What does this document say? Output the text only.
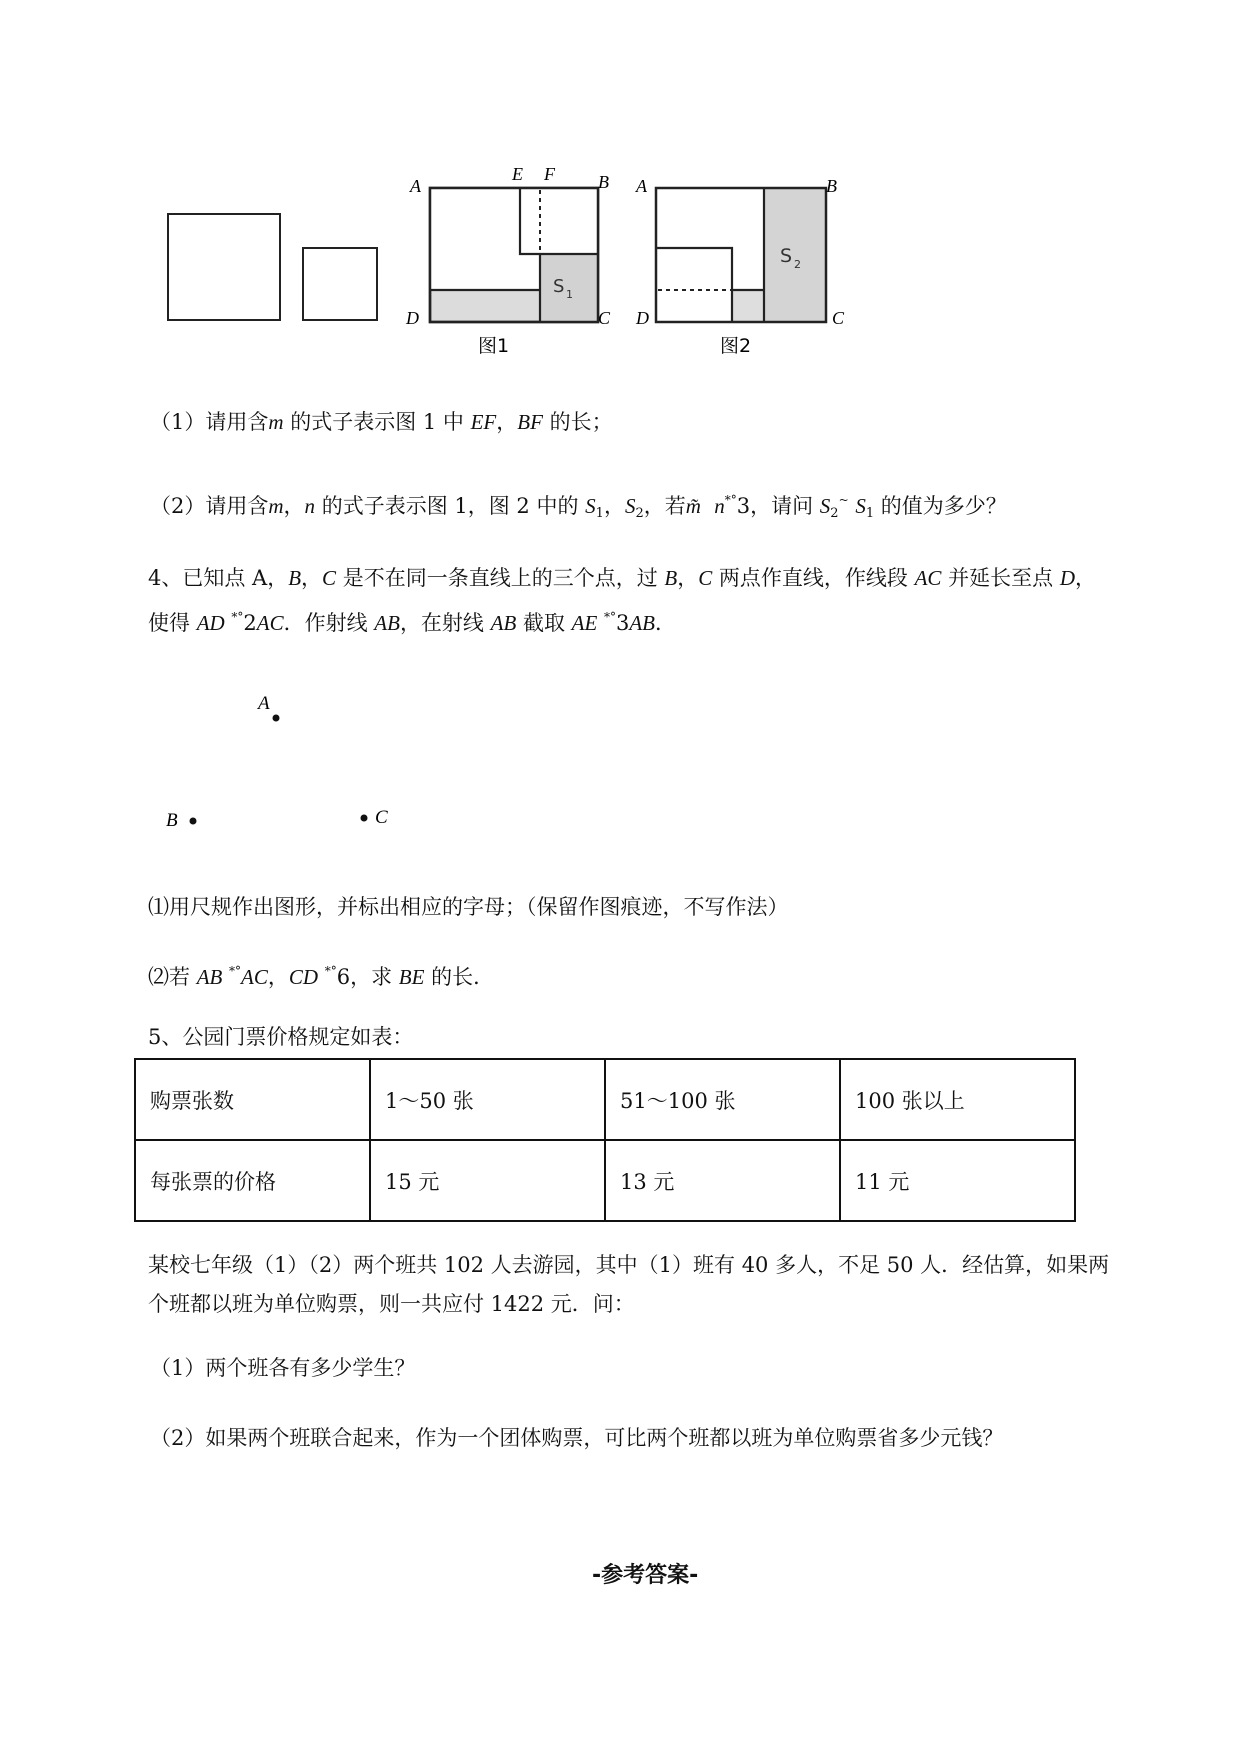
A
E F B
D	C
S 1
图1
A	B
D	C
S 2
图2
（1）请用含m 的式子表示图 1 中 EF，BF 的长；
（2）请用含m，n 的式子表示图 1，图 2 中的 $S_1$，$S_2$，若m̃ n*°3，请问 $S_2^\sim$ $S_1$ 的值为多少？
4、已知点 A，B，C 是不在同一条直线上的三个点，过 B，C 两点作直线，作线段 AC 并延长至点 D，
使得 AD *°2AC．作射线 AB，在射线 AB 截取 AE *°3AB．
A
B	C
⑴用尺规作出图形，并标出相应的字母；（保留作图痕迹，不写作法）
⑵若 AB *°AC，CD *°6，求 BE 的长．
5、公园门票价格规定如表：
购票张数	1～50 张	51～100 张	100 张以上
每张票的价格	15 元	13 元	11 元
某校七年级（1）（2）两个班共 102 人去游园，其中（1）班有 40 多人，不足 50 人．经估算，如果两
个班都以班为单位购票，则一共应付 1422 元．问：
（1）两个班各有多少学生？
（2）如果两个班联合起来，作为一个团体购票，可比两个班都以班为单位购票省多少元钱？
-参考答案-
